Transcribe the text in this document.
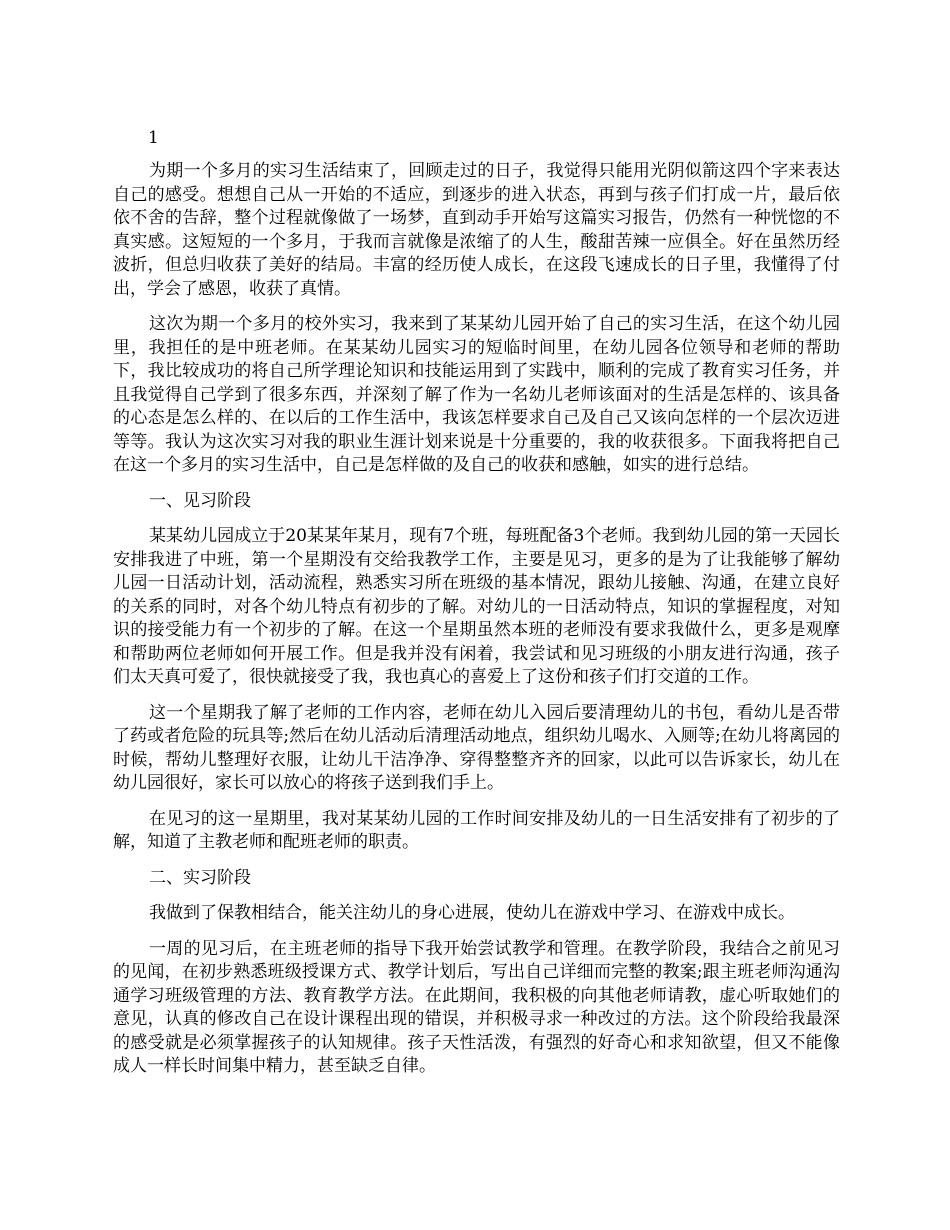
1

为期一个多月的实习生活结束了，回顾走过的日子，我觉得只能用光阴似箭这四个字来表达自己的感受。想想自己从一开始的不适应，到逐步的进入状态，再到与孩子们打成一片，最后依依不舍的告辞，整个过程就像做了一场梦，直到动手开始写这篇实习报告，仍然有一种恍惚的不真实感。这短短的一个多月，于我而言就像是浓缩了的人生，酸甜苦辣一应俱全。好在虽然历经波折，但总归收获了美好的结局。丰富的经历使人成长，在这段飞速成长的日子里，我懂得了付出，学会了感恩，收获了真情。

这次为期一个多月的校外实习，我来到了某某幼儿园开始了自己的实习生活，在这个幼儿园里，我担任的是中班老师。在某某幼儿园实习的短临时间里，在幼儿园各位领导和老师的帮助下，我比较成功的将自己所学理论知识和技能运用到了实践中，顺利的完成了教育实习任务，并且我觉得自己学到了很多东西，并深刻了解了作为一名幼儿老师该面对的生活是怎样的、该具备的心态是怎么样的、在以后的工作生活中，我该怎样要求自己及自己又该向怎样的一个层次迈进等等。我认为这次实习对我的职业生涯计划来说是十分重要的，我的收获很多。下面我将把自己在这一个多月的实习生活中，自己是怎样做的及自己的收获和感触，如实的进行总结。

一、见习阶段

某某幼儿园成立于20某某年某月，现有7个班，每班配备3个老师。我到幼儿园的第一天园长安排我进了中班，第一个星期没有交给我教学工作，主要是见习，更多的是为了让我能够了解幼儿园一日活动计划，活动流程，熟悉实习所在班级的基本情况，跟幼儿接触、沟通，在建立良好的关系的同时，对各个幼儿特点有初步的了解。对幼儿的一日活动特点，知识的掌握程度，对知识的接受能力有一个初步的了解。在这一个星期虽然本班的老师没有要求我做什么，更多是观摩和帮助两位老师如何开展工作。但是我并没有闲着，我尝试和见习班级的小朋友进行沟通，孩子们太天真可爱了，很快就接受了我，我也真心的喜爱上了这份和孩子们打交道的工作。

这一个星期我了解了老师的工作内容，老师在幼儿入园后要清理幼儿的书包，看幼儿是否带了药或者危险的玩具等;然后在幼儿活动后清理活动地点，组织幼儿喝水、入厕等;在幼儿将离园的时候，帮幼儿整理好衣服，让幼儿干洁净净、穿得整整齐齐的回家，以此可以告诉家长，幼儿在幼儿园很好，家长可以放心的将孩子送到我们手上。

在见习的这一星期里，我对某某幼儿园的工作时间安排及幼儿的一日生活安排有了初步的了解，知道了主教老师和配班老师的职责。

二、实习阶段

我做到了保教相结合，能关注幼儿的身心进展，使幼儿在游戏中学习、在游戏中成长。

一周的见习后，在主班老师的指导下我开始尝试教学和管理。在教学阶段，我结合之前见习的见闻，在初步熟悉班级授课方式、教学计划后，写出自己详细而完整的教案;跟主班老师沟通沟通学习班级管理的方法、教育教学方法。在此期间，我积极的向其他老师请教，虚心听取她们的意见，认真的修改自己在设计课程出现的错误，并积极寻求一种改过的方法。这个阶段给我最深的感受就是必须掌握孩子的认知规律。孩子天性活泼，有强烈的好奇心和求知欲望，但又不能像成人一样长时间集中精力，甚至缺乏自律。
